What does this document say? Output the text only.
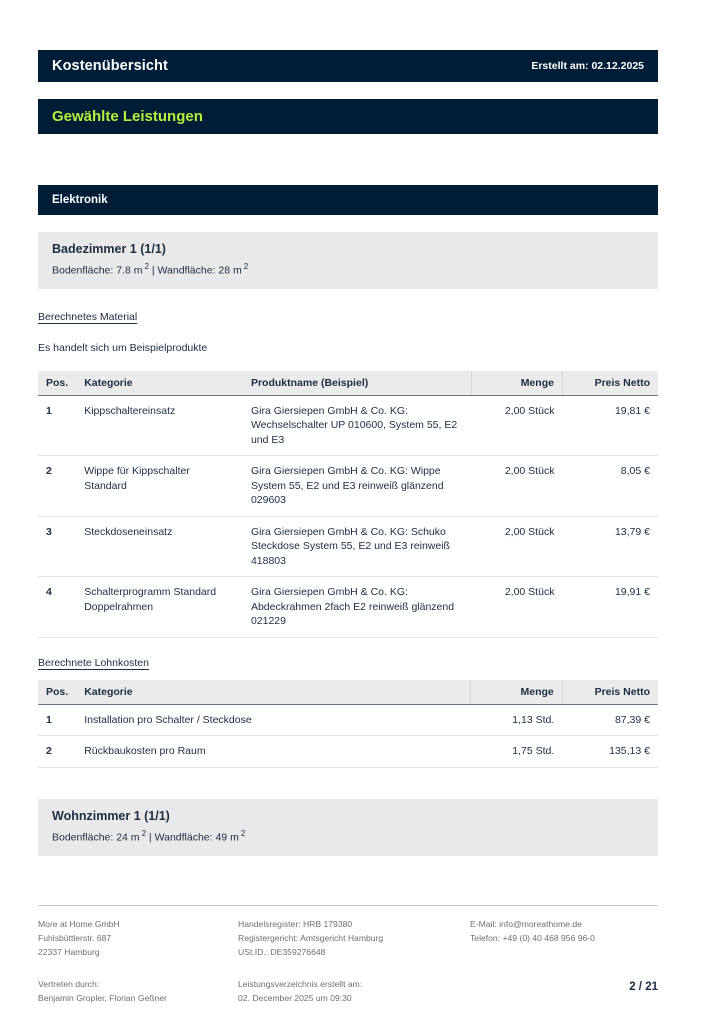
Kostenübersicht	Erstellt am: 02.12.2025
Gewählte Leistungen
Elektronik
Badezimmer 1 (1/1)
Bodenfläche: 7.8 m $^2$ | Wandfläche: 28 m $^2$
Berechnetes Material
Es handelt sich um Beispielprodukte
Pos.	Kategorie	Produktname (Beispiel)	Menge	Preis Netto
1	Kippschaltereinsatz	Gira Giersiepen GmbH & Co. KG: Wechselschalter UP 010600, System 55, E2 und E3	2,00 Stück	19,81 €
2	Wippe für Kippschalter Standard	Gira Giersiepen GmbH & Co. KG: Wippe System 55, E2 und E3 reinweiß glänzend 029603	2,00 Stück	8,05 €
3	Steckdoseneinsatz	Gira Giersiepen GmbH & Co. KG: Schuko Steckdose System 55, E2 und E3 reinweiß 418803	2,00 Stück	13,79 €
4	Schalterprogramm Standard Doppelrahmen	Gira Giersiepen GmbH & Co. KG: Abdeckrahmen 2fach E2 reinweiß glänzend 021229	2,00 Stück	19,91 €
Berechnete Lohnkosten
Pos.	Kategorie	Menge	Preis Netto
1	Installation pro Schalter / Steckdose	1,13 Std.	87,39 €
2	Rückbaukosten pro Raum	1,75 Std.	135,13 €
Wohnzimmer 1 (1/1)
Bodenfläche: 24 m $^2$ | Wandfläche: 49 m $^2$
More at Home GmbH
Fuhlsbüttlerstr. 687
22337 Hamburg
Vertreten durch:
Benjamin Gropler, Florian Geßner
Handelsregister: HRB 179380
Registergericht: Amtsgericht Hamburg
USt.ID.: DE359276648
Leistungsverzeichnis erstellt am:
02. December 2025 um 09:30
E-Mail: info@moreathome.de
Telefon: +49 (0) 40 468 956 96-0
2 / 21
